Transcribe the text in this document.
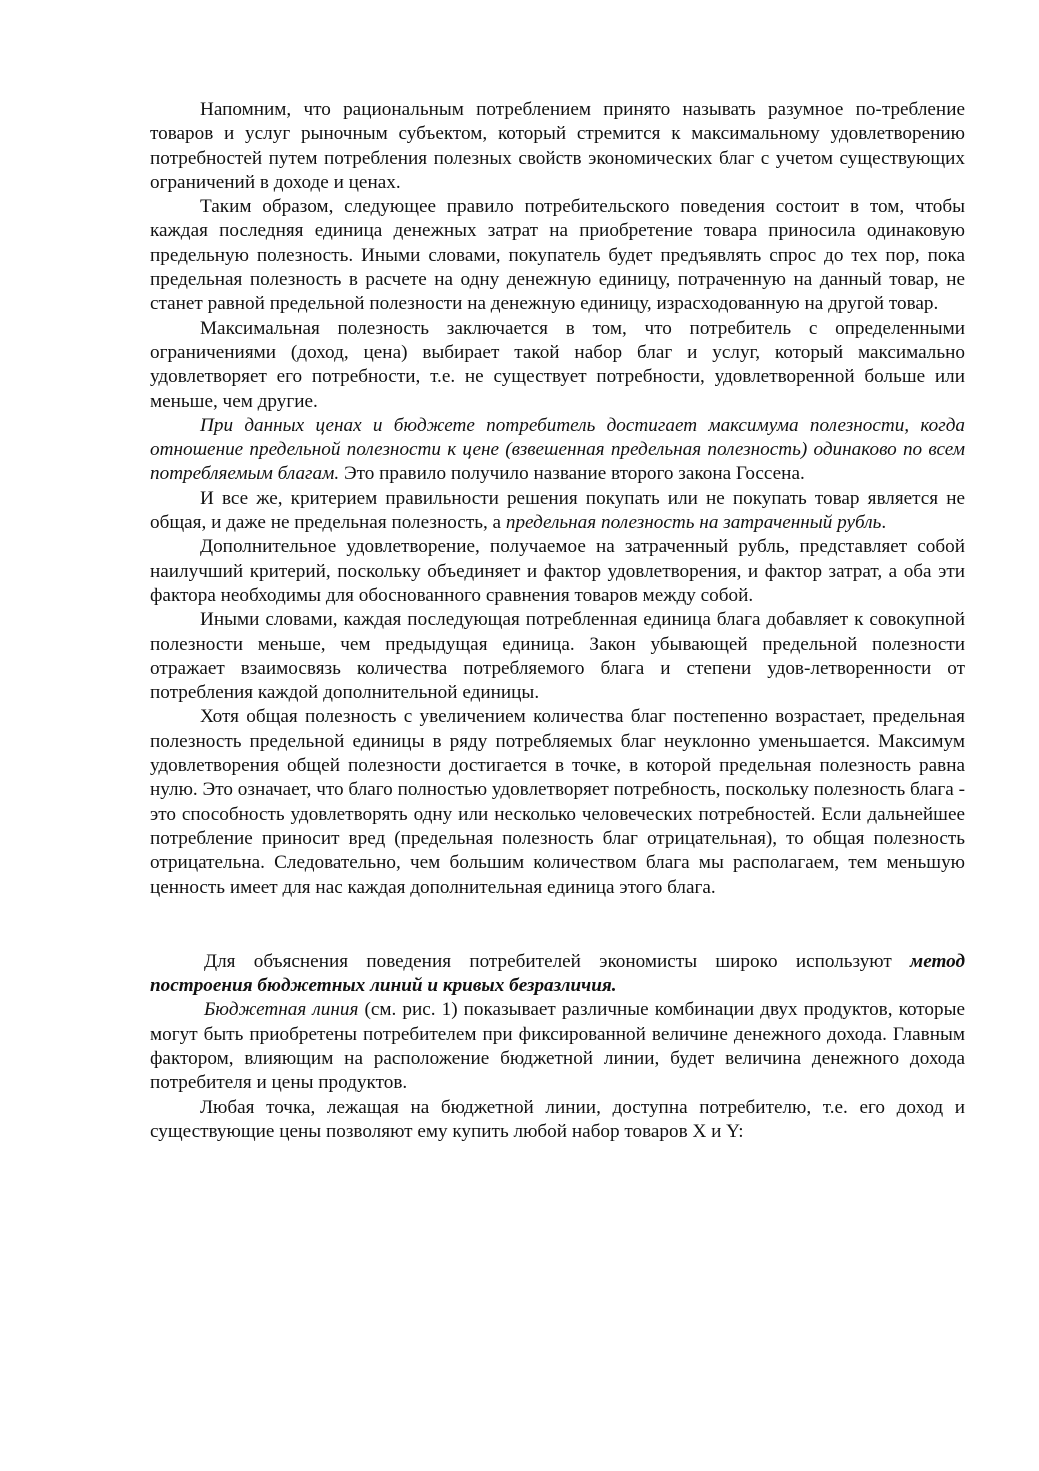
Напомним, что рациональным потреблением принято называть разумное по-требление товаров и услуг рыночным субъектом, который стремится к максимальному удовлетворению потребностей путем потребления полезных свойств экономических благ с учетом существующих ограничений в доходе и ценах.

Таким образом, следующее правило потребительского поведения состоит в том, чтобы каждая последняя единица денежных затрат на приобретение товара приносила одинаковую предельную полезность. Иными словами, покупатель будет предъявлять спрос до тех пор, пока предельная полезность в расчете на одну денежную единицу, потраченную на данный товар, не станет равной предельной полезности на денежную единицу, израсходованную на другой товар.

Максимальная полезность заключается в том, что потребитель с определенными ограничениями (доход, цена) выбирает такой набор благ и услуг, который максимально удовлетворяет его потребности, т.е. не существует потребности, удовлетворенной больше или меньше, чем другие.

При данных ценах и бюджете потребитель достигает максимума полезности, когда отношение предельной полезности к цене (взвешенная предельная полезность) одинаково по всем потребляемым благам. Это правило получило название второго закона Госсена.

И все же, критерием правильности решения покупать или не покупать товар является не общая, и даже не предельная полезность, а предельная полезность на затраченный рубль.

Дополнительное удовлетворение, получаемое на затраченный рубль, представляет собой наилучший критерий, поскольку объединяет и фактор удовлетворения, и фактор затрат, а оба эти фактора необходимы для обоснованного сравнения товаров между собой.

Иными словами, каждая последующая потребленная единица блага добавляет к совокупной полезности меньше, чем предыдущая единица. Закон убывающей предельной полезности отражает взаимосвязь количества потребляемого блага и степени удов-летворенности от потребления каждой дополнительной единицы.

Хотя общая полезность с увеличением количества благ постепенно возрастает, предельная полезность предельной единицы в ряду потребляемых благ неуклонно уменьшается. Максимум удовлетворения общей полезности достигается в точке, в которой предельная полезность равна нулю. Это означает, что благо полностью удовлетворяет потребность, поскольку полезность блага - это способность удовлетворять одну или несколько человеческих потребностей. Если дальнейшее потребление приносит вред (предельная полезность благ отрицательная), то общая полезность отрицательна. Следовательно, чем большим количеством блага мы располагаем, тем меньшую ценность имеет для нас каждая дополнительная единица этого блага.

Для объяснения поведения потребителей экономисты широко используют метод построения бюджетных линий и кривых безразличия.

Бюджетная линия (см. рис. 1) показывает различные комбинации двух продуктов, которые могут быть приобретены потребителем при фиксированной величине денежного дохода. Главным фактором, влияющим на расположение бюджетной линии, будет величина денежного дохода потребителя и цены продуктов.

Любая точка, лежащая на бюджетной линии, доступна потребителю, т.е. его доход и существующие цены позволяют ему купить любой набор товаров X и Y:
